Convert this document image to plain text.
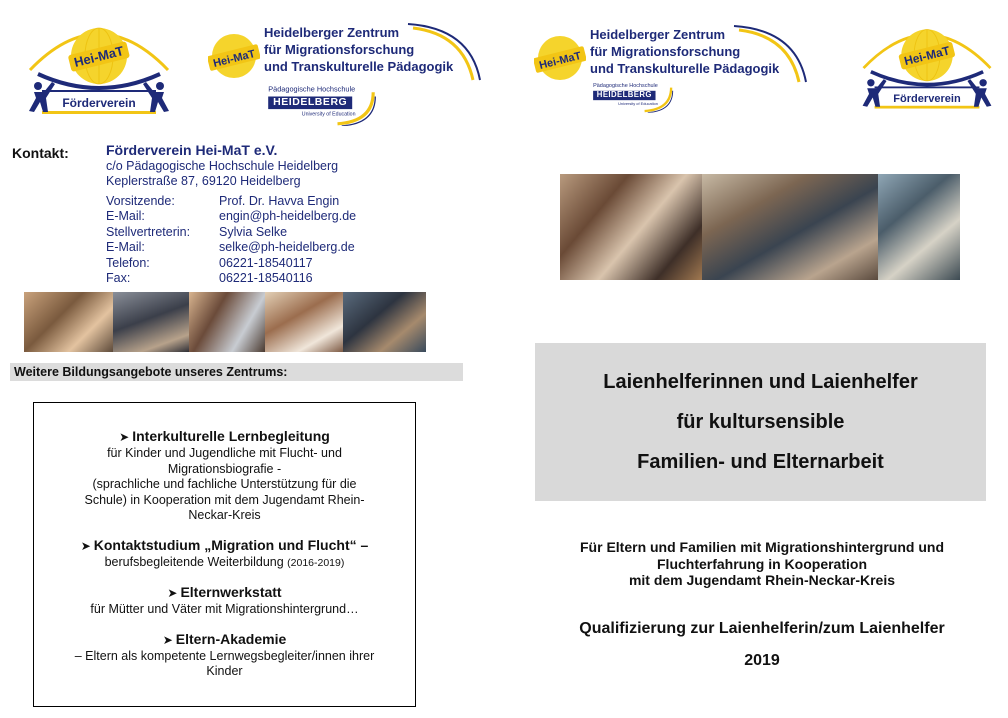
Hei-MaT
Förderverein
Hei-MaT
Heidelberger Zentrum
für Migrationsforschung
und Transkulturelle Pädagogik
Pädagogische Hochschule
HEIDELBERG
University of Education
Hei-MaT
Heidelberger Zentrum
für Migrationsforschung
und Transkulturelle Pädagogik
Pädagogische Hochschule
HEIDELBERG
University of Education
Hei-MaT
Förderverein
Kontakt:	Förderverein Hei-MaT e.V.
c/o Pädagogische Hochschule Heidelberg
Keplerstraße 87, 69120 Heidelberg
Vorsitzende:	Prof. Dr. Havva Engin
E-Mail:	engin@ph-heidelberg.de
Stellvertreterin:	Sylvia Selke
E-Mail:	selke@ph-heidelberg.de
Telefon:	06221-18540117
Fax:	06221-18540116
Weitere Bildungsangebote unseres Zentrums:
➤ Interkulturelle Lernbegleitung
für Kinder und Jugendliche mit Flucht- und
Migrationsbiografie -
(sprachliche und fachliche Unterstützung für die
Schule) in Kooperation mit dem Jugendamt Rhein-
Neckar-Kreis
➤ Kontaktstudium „Migration und Flucht“ –
berufsbegleitende Weiterbildung (2016-2019)
➤ Elternwerkstatt
für Mütter und Väter mit Migrationshintergrund…
➤ Eltern-Akademie
– Eltern als kompetente Lernwegsbegleiter/innen ihrer
Kinder
Laienhelferinnen und Laienhelfer
für kultursensible
Familien- und Elternarbeit
Für Eltern und Familien mit Migrationshintergrund und
Fluchterfahrung in Kooperation
mit dem Jugendamt Rhein-Neckar-Kreis
Qualifizierung zur Laienhelferin/zum Laienhelfer
2019
